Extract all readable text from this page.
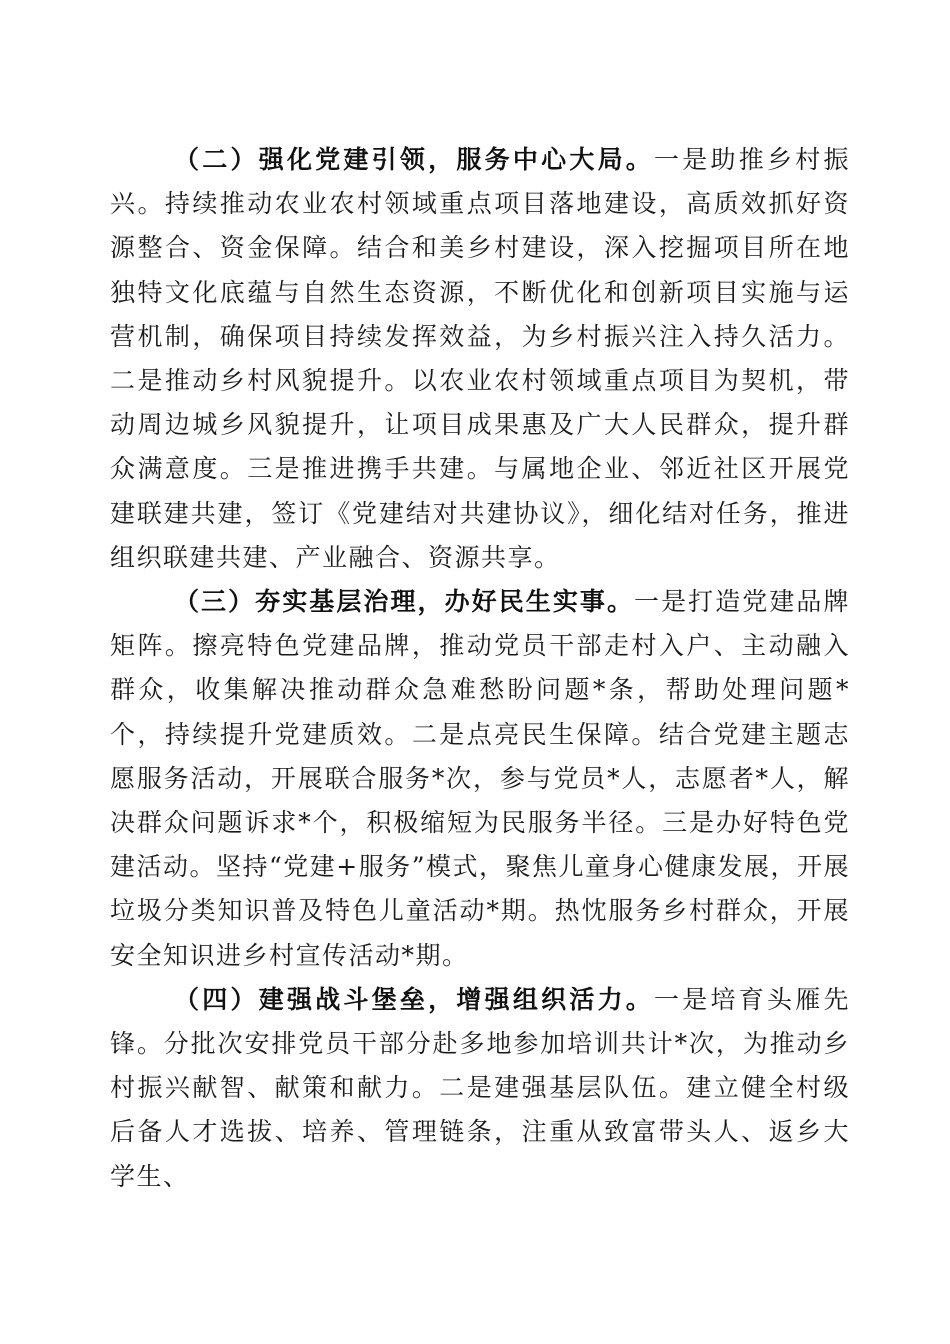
（二）强化党建引领，服务中心大局。一是助推乡村振兴。持续推动农业农村领域重点项目落地建设，高质效抓好资源整合、资金保障。结合和美乡村建设，深入挖掘项目所在地独特文化底蕴与自然生态资源，不断优化和创新项目实施与运营机制，确保项目持续发挥效益，为乡村振兴注入持久活力。二是推动乡村风貌提升。以农业农村领域重点项目为契机，带动周边城乡风貌提升，让项目成果惠及广大人民群众，提升群众满意度。三是推进携手共建。与属地企业、邻近社区开展党建联建共建，签订《党建结对共建协议》，细化结对任务，推进组织联建共建、产业融合、资源共享。

（三）夯实基层治理，办好民生实事。一是打造党建品牌矩阵。擦亮特色党建品牌，推动党员干部走村入户、主动融入群众，收集解决推动群众急难愁盼问题*条，帮助处理问题*个，持续提升党建质效。二是点亮民生保障。结合党建主题志愿服务活动，开展联合服务*次，参与党员*人，志愿者*人，解决群众问题诉求*个，积极缩短为民服务半径。三是办好特色党建活动。坚持“党建+服务”模式，聚焦儿童身心健康发展，开展垃圾分类知识普及特色儿童活动*期。热忱服务乡村群众，开展安全知识进乡村宣传活动*期。

（四）建强战斗堡垒，增强组织活力。一是培育头雁先锋。分批次安排党员干部分赴多地参加培训共计*次，为推动乡村振兴献智、献策和献力。二是建强基层队伍。建立健全村级后备人才选拔、培养、管理链条，注重从致富带头人、返乡大学生、
